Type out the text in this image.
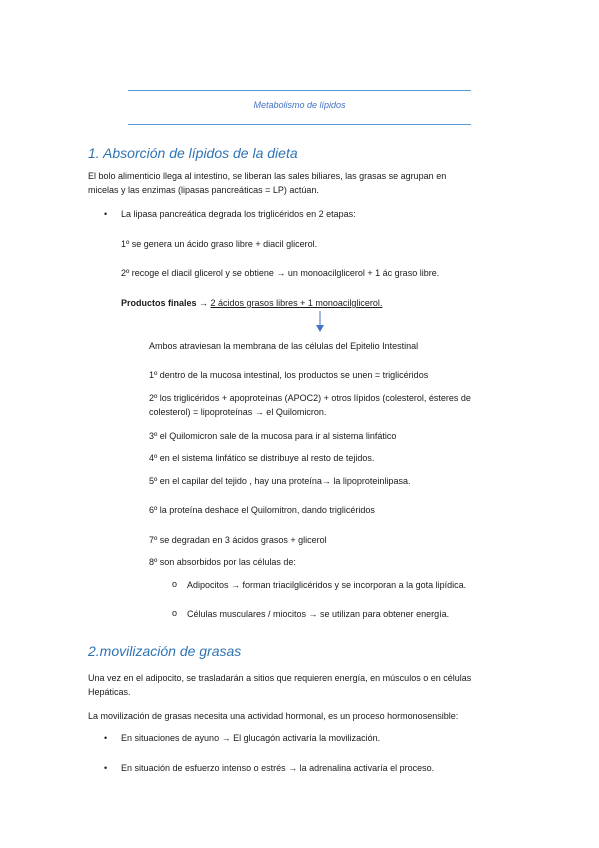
Metabolismo de lípidos
1. Absorción de lípidos de la dieta
El bolo alimenticio llega al intestino, se liberan las sales biliares, las grasas se agrupan en
micelas y las enzimas (lipasas pancreáticas = LP) actúan.
• La lipasa pancreática degrada los triglicéridos en 2 etapas:
1º se genera un ácido graso libre + diacil glicerol.
2º recoge el diacil glicerol y se obtiene → un monoacilglicerol + 1 ác graso libre.
Productos finales → 2 ácidos grasos libres + 1 monoacilglicerol.
Ambos atraviesan la membrana de las células del Epitelio Intestinal
1º dentro de la mucosa intestinal, los productos se unen = triglicéridos
2º los triglicéridos + apoproteínas (APOC2) + otros lípidos (colesterol, ésteres de
colesterol) = lipoproteínas → el Quilomicron.
3º el Quilomicron sale de la mucosa para ir al sistema linfático
4º en el sistema linfático se distribuye al resto de tejidos.
5º en el capilar del tejido , hay una proteína→ la lipoproteinlipasa.
6º la proteína deshace el Quilomitron, dando triglicéridos
7º se degradan en 3 ácidos grasos + glicerol
8º son absorbidos por las células de:
o Adipocitos → forman triacilglicéridos y se incorporan a la gota lipídica.
o Células musculares / miocitos → se utilizan para obtener energía.
2.movilización de grasas
Una vez en el adipocito, se trasladarán a sitios que requieren energía, en músculos o en células
Hepáticas.
La movilización de grasas necesita una actividad hormonal, es un proceso hormonosensible:
• En situaciones de ayuno → El glucagón activaría la movilización.
• En situación de esfuerzo intenso o estrés → la adrenalina activaría el proceso.
